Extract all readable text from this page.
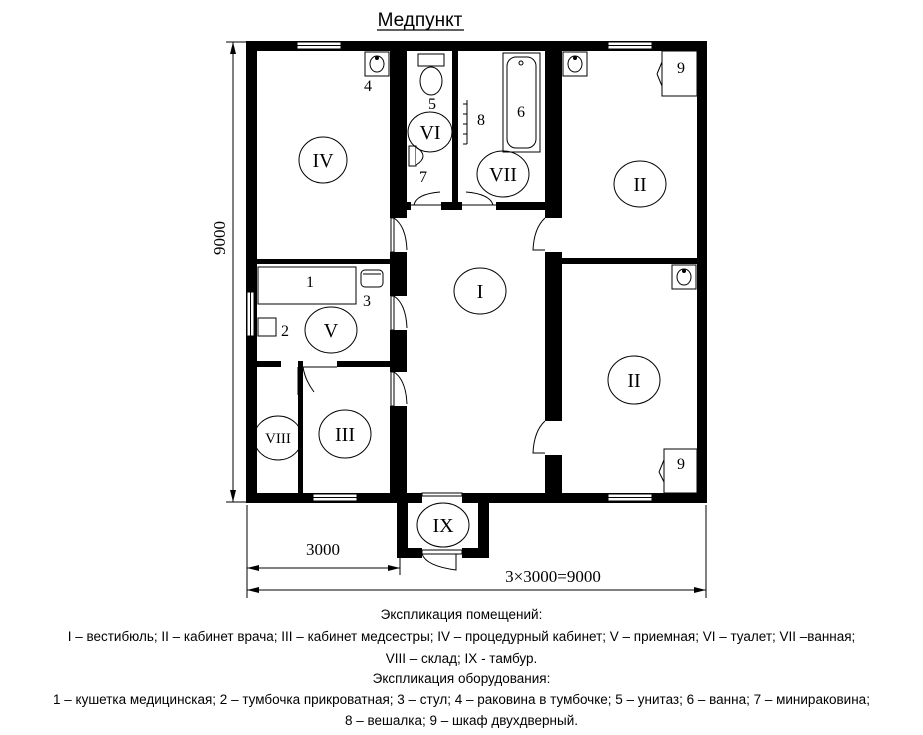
Медпункт
9000
3000
3×3000=9000
IV
I
II
II
III
V
VI
VII
VIII
IX
1
2
3
4
5	6
7
8
9
9
Экспликация помещений:
I – вестибюль; II – кабинет врача; III – кабинет медсестры; IV – процедурный кабинет; V – приемная; VI – туалет; VII –ванная;
VIII – склад; IX - тамбур.
Экспликация оборудования:
1 – кушетка медицинская; 2 – тумбочка прикроватная; 3 – стул; 4 – раковина в тумбочке; 5 – унитаз; 6 – ванна; 7 – минираковина;
8 – вешалка; 9 – шкаф двухдверный.
